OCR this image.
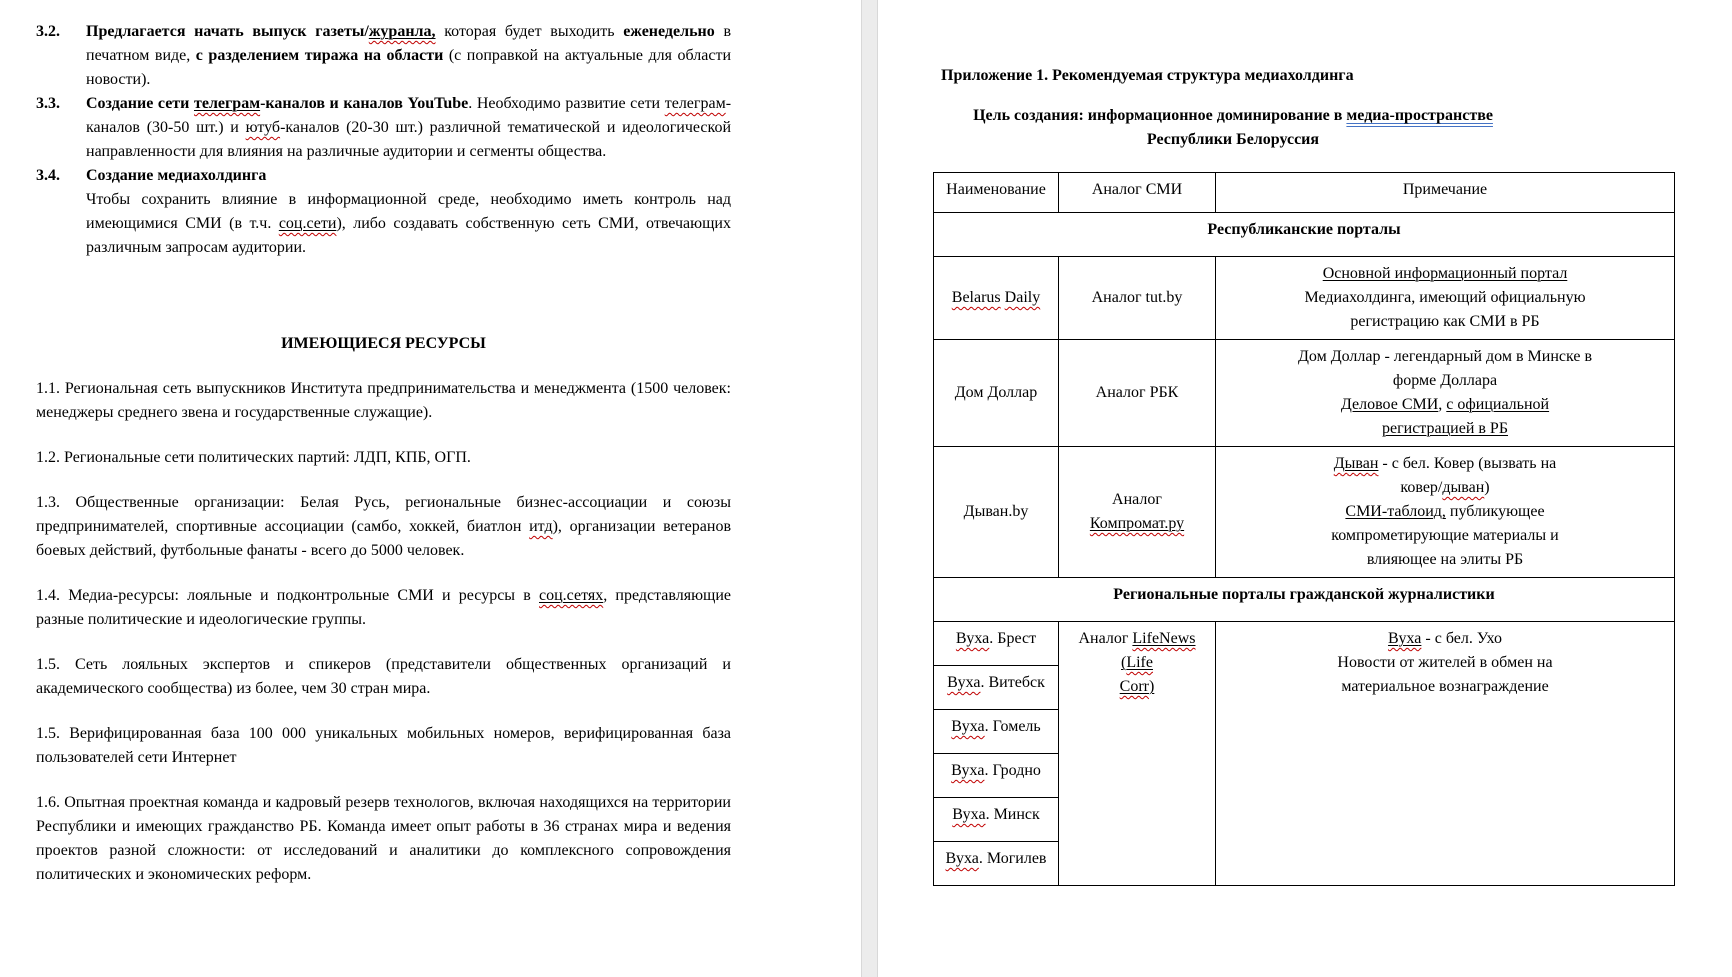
3.2. Предлагается начать выпуск газеты/журанла, которая будет выходить еженедельно в печатном виде, с разделением тиража на области (с поправкой на актуальные для области новости).
3.3. Создание сети телеграм-каналов и каналов YouTube. Необходимо развитие сети телеграм-каналов (30-50 шт.) и ютуб-каналов (20-30 шт.) различной тематической и идеологической направленности для влияния на различные аудитории и сегменты общества.
3.4. Создание медиахолдинга
Чтобы сохранить влияние в информационной среде, необходимо иметь контроль над имеющимися СМИ (в т.ч. соц.сети), либо создавать собственную сеть СМИ, отвечающих различным запросам аудитории.
ИМЕЮЩИЕСЯ РЕСУРСЫ
1.1. Региональная сеть выпускников Института предпринимательства и менеджмента (1500 человек: менеджеры среднего звена и государственные служащие).
1.2. Региональные сети политических партий: ЛДП, КПБ, ОГП.
1.3. Общественные организации: Белая Русь, региональные бизнес-ассоциации и союзы предпринимателей, спортивные ассоциации (самбо, хоккей, биатлон итд), организации ветеранов боевых действий, футбольные фанаты - всего до 5000 человек.
1.4. Медиа-ресурсы: лояльные и подконтрольные СМИ и ресурсы в соц.сетях, представляющие разные политические и идеологические группы.
1.5. Сеть лояльных экспертов и спикеров (представители общественных организаций и академического сообщества) из более, чем 30 стран мира.
1.5. Верифицированная база 100 000 уникальных мобильных номеров, верифицированная база пользователей сети Интернет
1.6. Опытная проектная команда и кадровый резерв технологов, включая находящихся на территории Республики и имеющих гражданство РБ. Команда имеет опыт работы в 36 странах мира и ведения проектов разной сложности: от исследований и аналитики до комплексного сопровождения политических и экономических реформ.
Приложение 1. Рекомендуемая структура медиахолдинга
Цель создания: информационное доминирование в медиа-пространстве
Республики Белоруссия
Наименование	Аналог СМИ	Примечание
Республиканские порталы		
Belarus Daily	Аналог tut.by	Основной информационный портал
Медиахолдинга, имеющий официальную
регистрацию как СМИ в РБ
Дом Доллар	Аналог РБК	Дом Доллар - легендарный дом в Минске в
форме Доллара
Деловое СМИ, с официальной
регистрацией в РБ
Дыван.by	Аналог Компромат.ру	Дыван - с бел. Ковер (вызвать на
ковер/дыван)
СМИ-таблоид, публикующее
компрометирующие материалы и
влияющее на элиты РБ
Региональные порталы гражданской журналистики		
Вуха. Брест	Аналог LifeNews (Life
Corr)	Вуха - с бел. Ухо
Новости от жителей в обмен на
материальное вознаграждение
Вуха. Витебск		
Вуха. Гомель		
Вуха. Гродно		
Вуха. Минск		
Вуха. Могилев		
